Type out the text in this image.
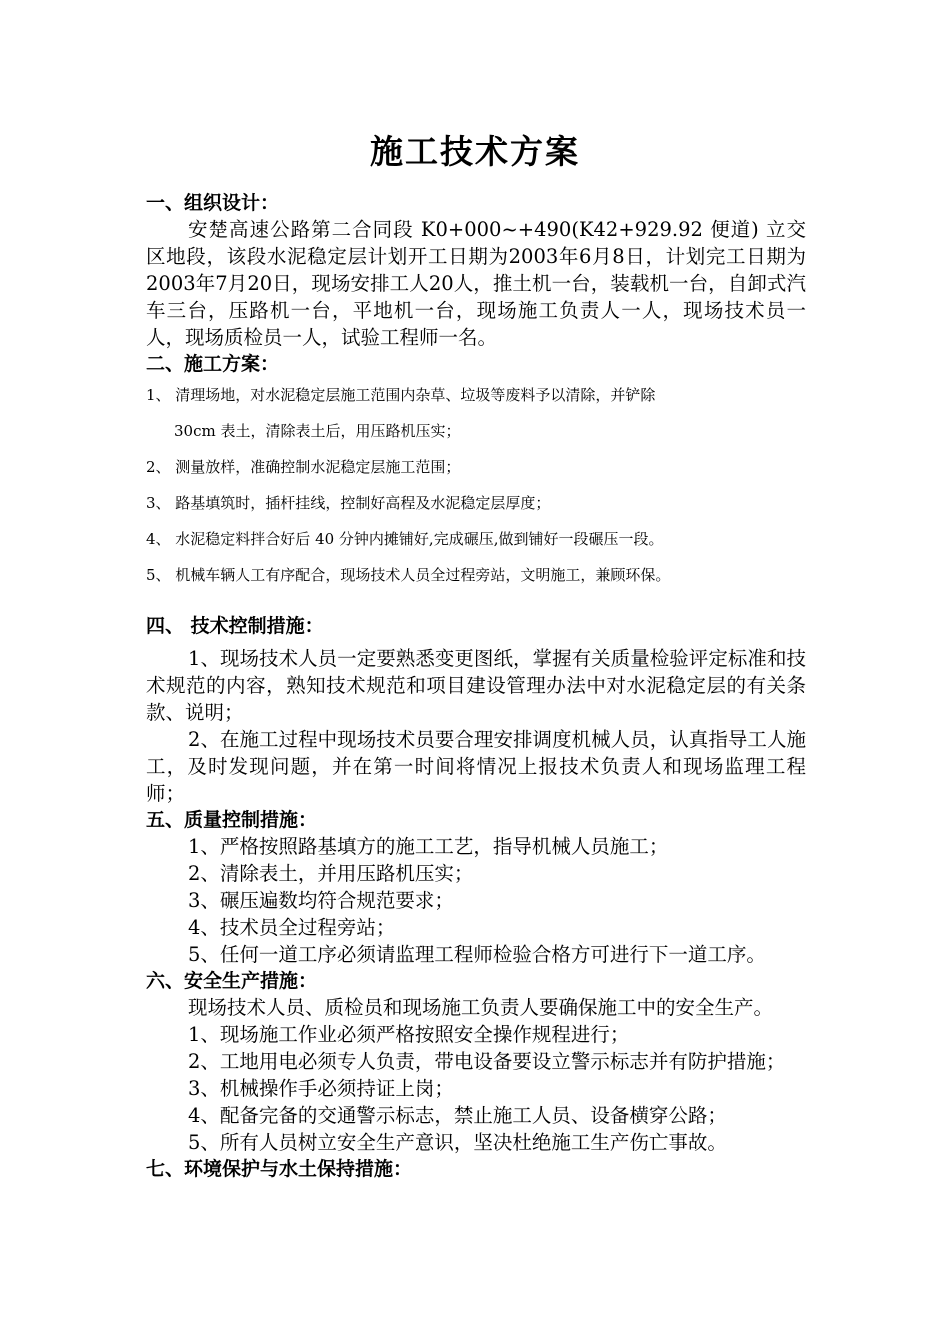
施工技术方案

一、组织设计：

安楚高速公路第二合同段 K0+000~+490(K42+929.92 便道) 立交区地段，该段水泥稳定层计划开工日期为2003年6月8日，计划完工日期为2003年7月20日，现场安排工人20人，推土机一台，装载机一台，自卸式汽车三台，压路机一台，平地机一台，现场施工负责人一人，现场技术员一人，现场质检员一人，试验工程师一名。

二、施工方案：

1、 清理场地，对水泥稳定层施工范围内杂草、垃圾等废料予以清除，并铲除

30cm 表土，清除表土后，用压路机压实；

2、 测量放样，准确控制水泥稳定层施工范围；

3、 路基填筑时，插杆挂线，控制好高程及水泥稳定层厚度；

4、 水泥稳定料拌合好后 40 分钟内摊铺好,完成碾压,做到铺好一段碾压一段。

5、 机械车辆人工有序配合，现场技术人员全过程旁站，文明施工，兼顾环保。

四、 技术控制措施：

1、现场技术人员一定要熟悉变更图纸，掌握有关质量检验评定标准和技术规范的内容，熟知技术规范和项目建设管理办法中对水泥稳定层的有关条款、说明；

2、在施工过程中现场技术员要合理安排调度机械人员，认真指导工人施工，及时发现问题，并在第一时间将情况上报技术负责人和现场监理工程师；

五、质量控制措施：

1、严格按照路基填方的施工工艺，指导机械人员施工；

2、清除表土，并用压路机压实；

3、碾压遍数均符合规范要求；

4、技术员全过程旁站；

5、任何一道工序必须请监理工程师检验合格方可进行下一道工序。

六、安全生产措施：

现场技术人员、质检员和现场施工负责人要确保施工中的安全生产。

1、现场施工作业必须严格按照安全操作规程进行；

2、工地用电必须专人负责，带电设备要设立警示标志并有防护措施；

3、机械操作手必须持证上岗；

4、配备完备的交通警示标志，禁止施工人员、设备横穿公路；

5、所有人员树立安全生产意识，坚决杜绝施工生产伤亡事故。

七、环境保护与水土保持措施：
